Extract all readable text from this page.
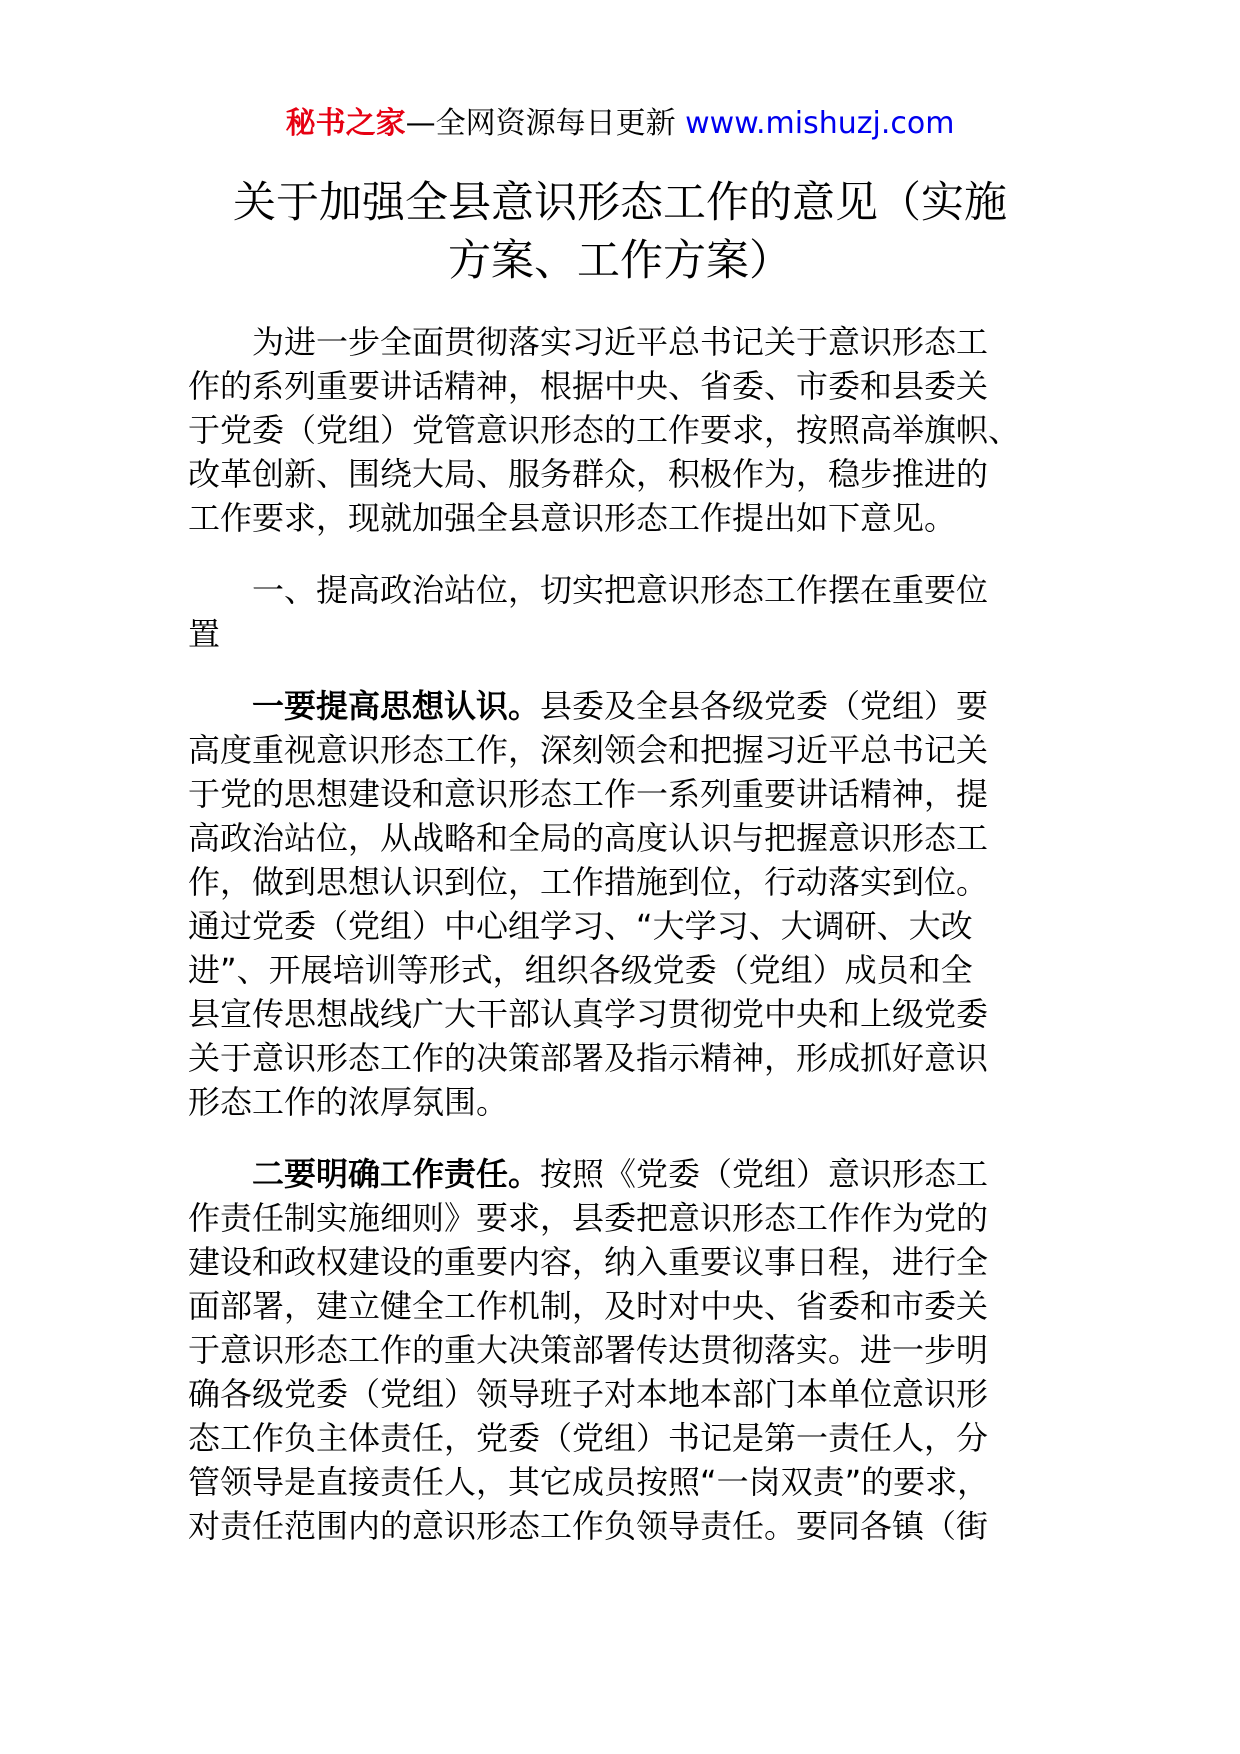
秘书之家—全网资源每日更新 www.mishuzj.com
关于加强全县意识形态工作的意见（实施
方案、工作方案）
为进一步全面贯彻落实习近平总书记关于意识形态工
作的系列重要讲话精神，根据中央、省委、市委和县委关
于党委（党组）党管意识形态的工作要求，按照高举旗帜、
改革创新、围绕大局、服务群众，积极作为，稳步推进的
工作要求，现就加强全县意识形态工作提出如下意见。
一、提高政治站位，切实把意识形态工作摆在重要位
置
一要提高思想认识。县委及全县各级党委（党组）要
高度重视意识形态工作，深刻领会和把握习近平总书记关
于党的思想建设和意识形态工作一系列重要讲话精神，提
高政治站位，从战略和全局的高度认识与把握意识形态工
作，做到思想认识到位，工作措施到位，行动落实到位。
通过党委（党组）中心组学习、“大学习、大调研、大改
进”、开展培训等形式，组织各级党委（党组）成员和全
县宣传思想战线广大干部认真学习贯彻党中央和上级党委
关于意识形态工作的决策部署及指示精神，形成抓好意识
形态工作的浓厚氛围。
二要明确工作责任。按照《党委（党组）意识形态工
作责任制实施细则》要求，县委把意识形态工作作为党的
建设和政权建设的重要内容，纳入重要议事日程，进行全
面部署，建立健全工作机制，及时对中央、省委和市委关
于意识形态工作的重大决策部署传达贯彻落实。进一步明
确各级党委（党组）领导班子对本地本部门本单位意识形
态工作负主体责任，党委（党组）书记是第一责任人，分
管领导是直接责任人，其它成员按照“一岗双责”的要求，
对责任范围内的意识形态工作负领导责任。要同各镇（街
